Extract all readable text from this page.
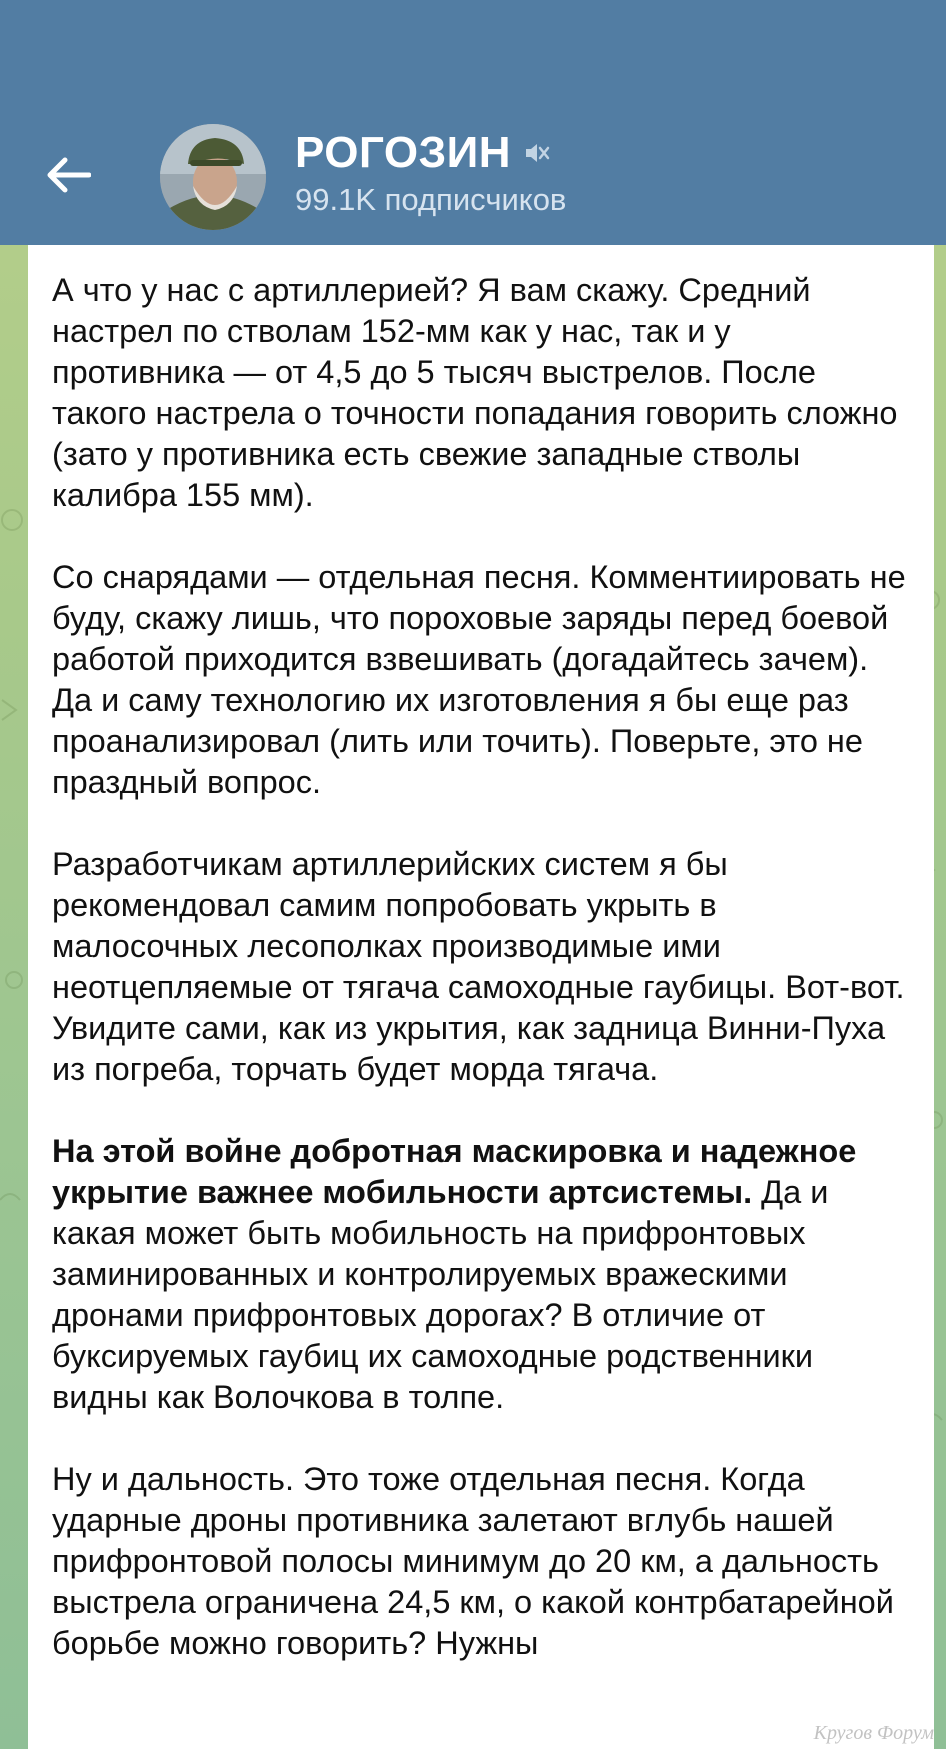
РОГОЗИН
99.1K подписчиков

А что у нас с артиллерией? Я вам скажу. Средний настрел по стволам 152-мм как у нас, так и у противника — от 4,5 до 5 тысяч выстрелов. После такого настрела о точности попадания говорить сложно (зато у противника есть свежие западные стволы калибра 155 мм).

Со снарядами — отдельная песня. Комментиировать не буду, скажу лишь, что пороховые заряды перед боевой работой приходится взвешивать (догадайтесь зачем). Да и саму технологию их изготовления я бы еще раз проанализировал (лить или точить). Поверьте, это не праздный вопрос.

Разработчикам артиллерийских систем я бы рекомендовал самим попробовать укрыть в малосочных лесополках производимые ими неотцепляемые от тягача самоходные гаубицы. Вот-вот. Увидите сами, как из укрытия, как задница Винни-Пуха из погреба, торчать будет морда тягача.

На этой войне добротная маскировка и надежное укрытие важнее мобильности артсистемы. Да и какая может быть мобильность на прифронтовых заминированных и контролируемых вражескими дронами прифронтовых дорогах? В отличие от буксируемых гаубиц их самоходные родственники видны как Волочкова в толпе.

Ну и дальность. Это тоже отдельная песня. Когда ударные дроны противника залетают вглубь нашей прифронтовой полосы минимум до 20 км, а дальность выстрела ограничена 24,5 км, о какой контрбатарейной борьбе можно говорить? Нужны

Кругов Форум
